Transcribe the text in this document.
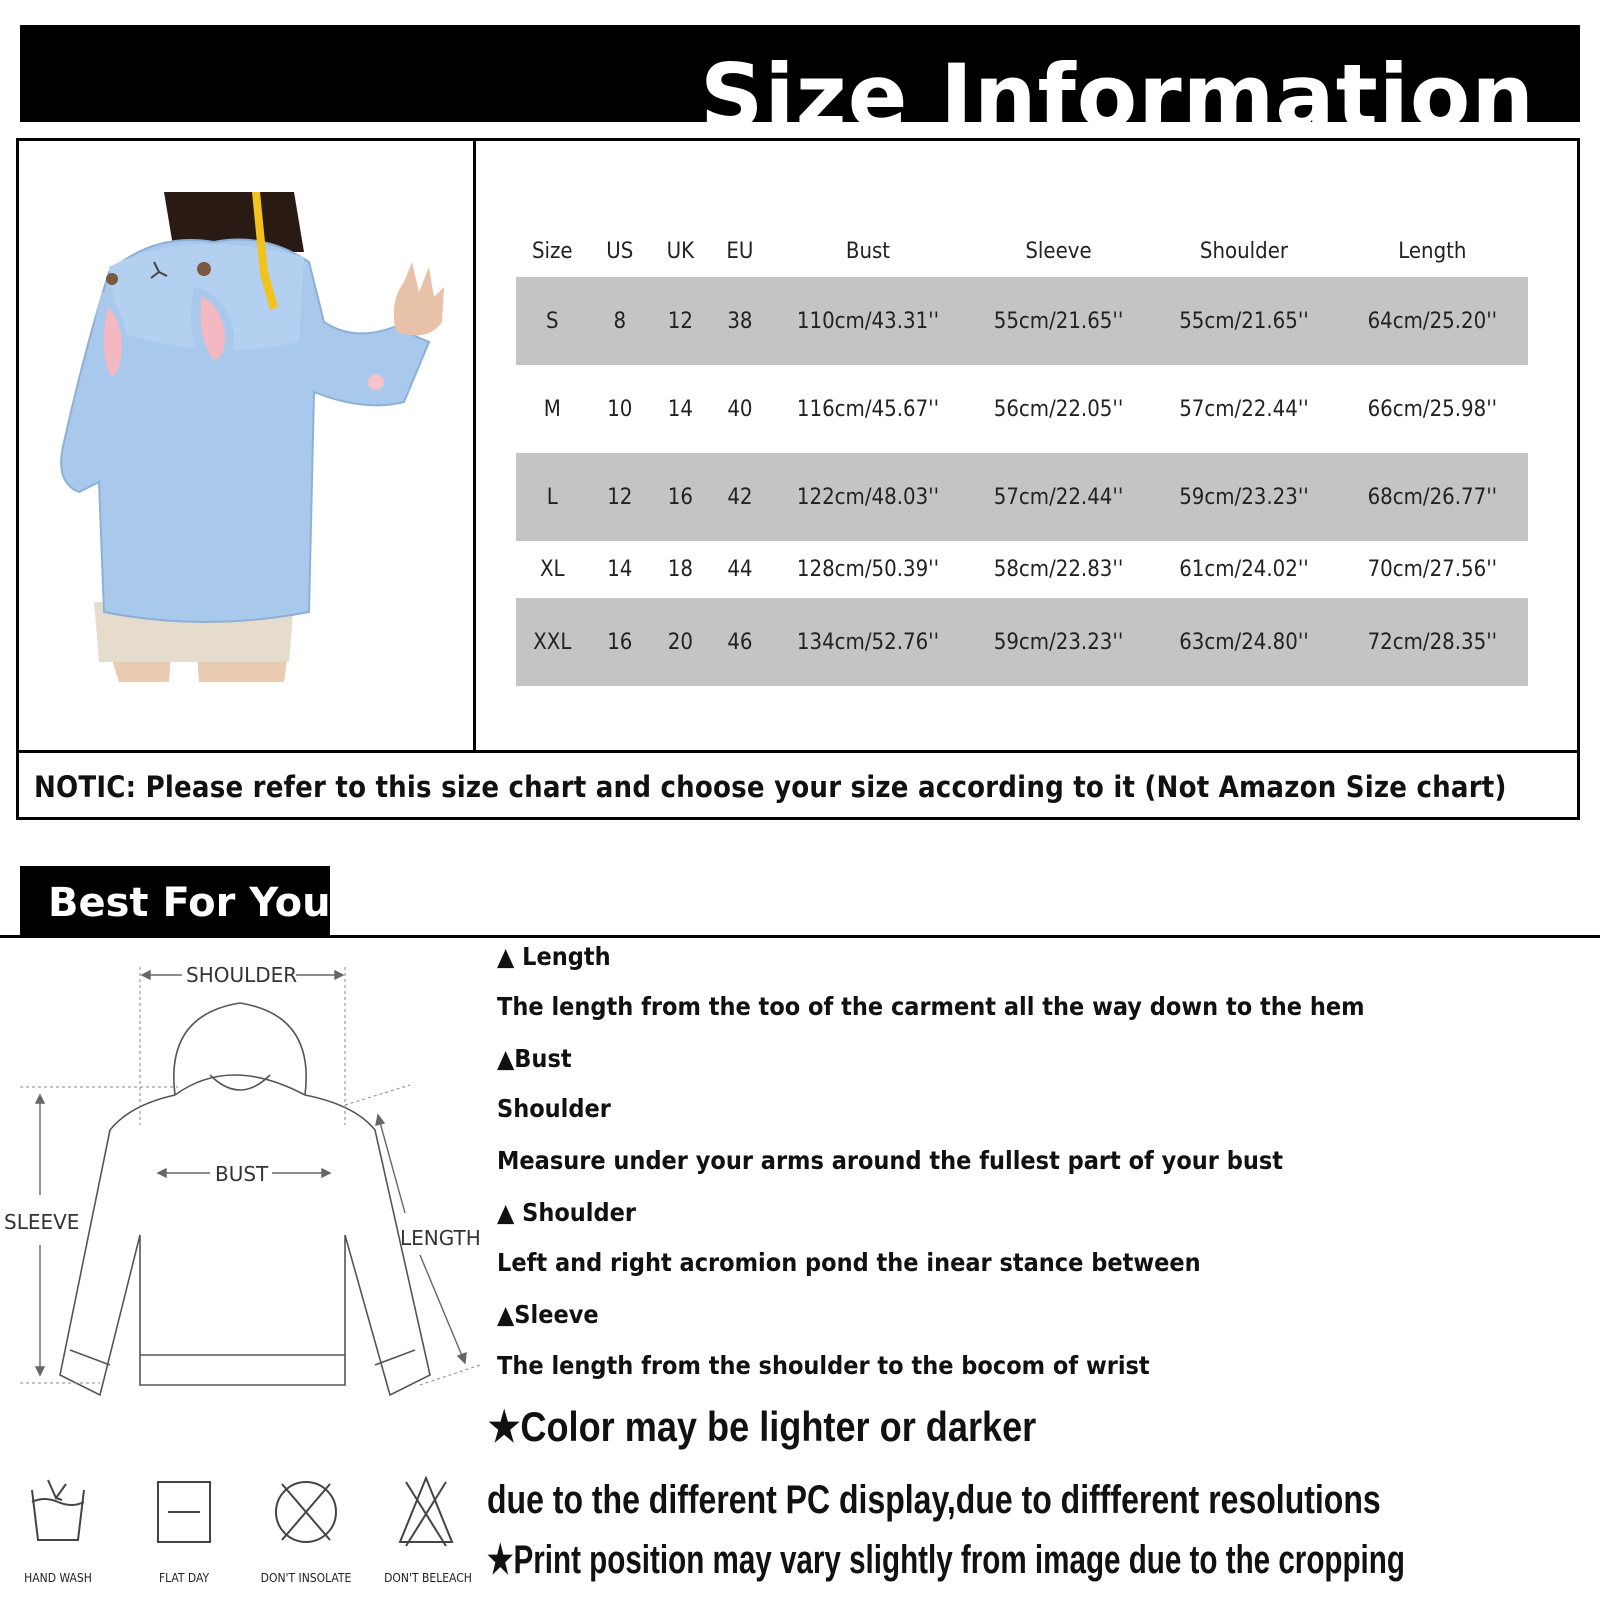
Size Information
Size	US	UK	EU	Bust	Sleeve	Shoulder	Length
S	8	12	38	110cm/43.31''	55cm/21.65''	55cm/21.65''	64cm/25.20''
M	10	14	40	116cm/45.67''	56cm/22.05''	57cm/22.44''	66cm/25.98''
L	12	16	42	122cm/48.03''	57cm/22.44''	59cm/23.23''	68cm/26.77''
XL	14	18	44	128cm/50.39''	58cm/22.83''	61cm/24.02''	70cm/27.56''
XXL	16	20	46	134cm/52.76''	59cm/23.23''	63cm/24.80''	72cm/28.35''
NOTIC: Please refer to this size chart and choose your size according to it (Not Amazon Size chart)
Best For You
SHOULDER
BUST
SLEEVE
LENGTH
HAND WASH	FLAT DAY	DON'T INSOLATE	DON'T BELEACH
▲ Length
The length from the too of the carment all the way down to the hem
▲Bust
Shoulder
Measure under your arms around the fullest part of your bust
▲ Shoulder
Left and right acromion pond the inear stance between
▲Sleeve
The length from the shoulder to the bocom of wrist
★Color may be lighter or darker
due to the different PC display,due to diffferent resolutions
★Print position may vary slightly from image due to the cropping
